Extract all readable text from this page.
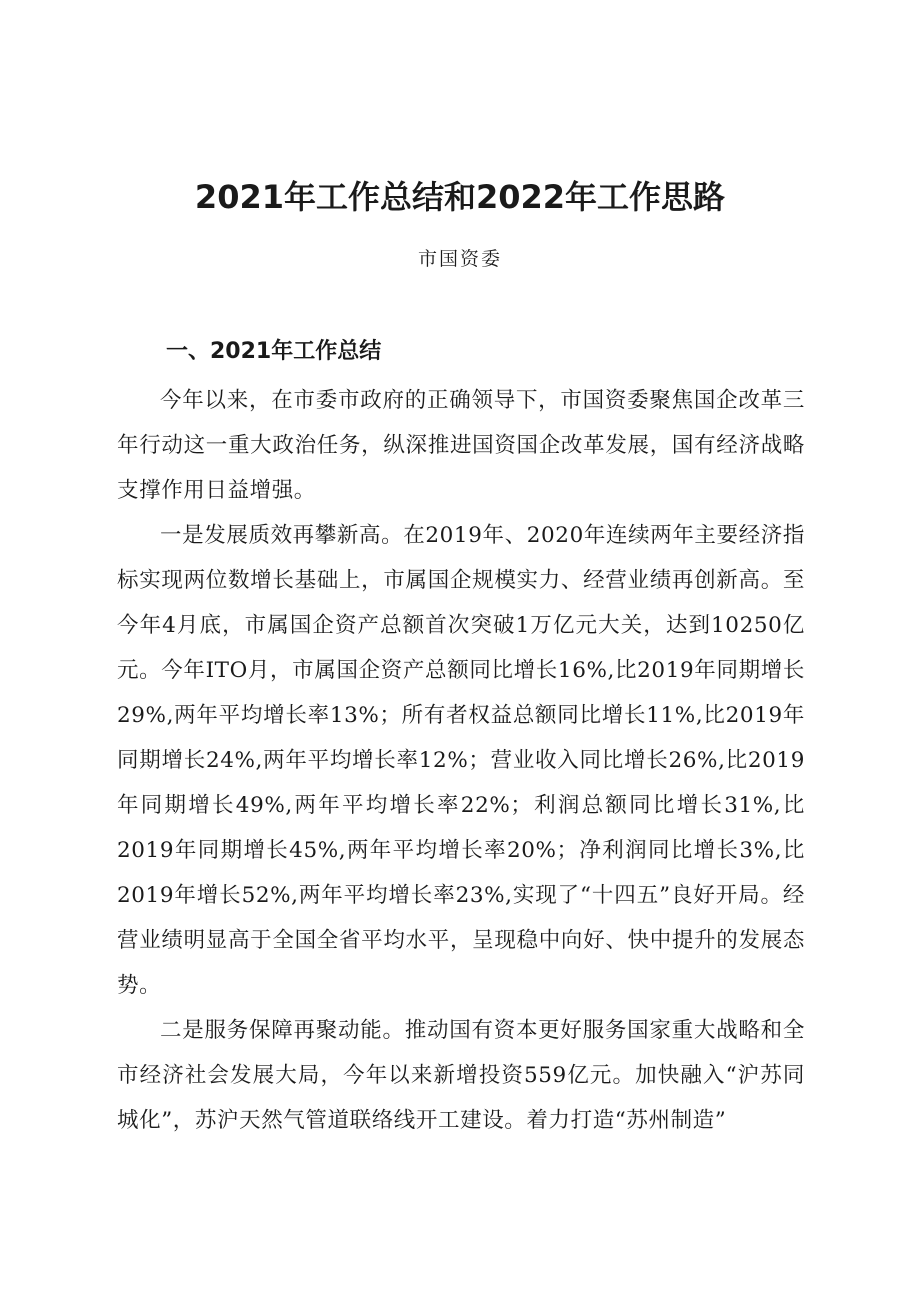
2021年工作总结和2022年工作思路
市国资委
一、2021年工作总结

今年以来，在市委市政府的正确领导下，市国资委聚焦国企改革三年行动这一重大政治任务，纵深推进国资国企改革发展，国有经济战略支撑作用日益增强。

一是发展质效再攀新高。在2019年、2020年连续两年主要经济指标实现两位数增长基础上，市属国企规模实力、经营业绩再创新高。至今年4月底，市属国企资产总额首次突破1万亿元大关，达到10250亿元。今年ITO月，市属国企资产总额同比增长16%,比2019年同期增长29%,两年平均增长率13%；所有者权益总额同比增长11%,比2019年同期增长24%,两年平均增长率12%；营业收入同比增长26%,比2019年同期增长49%,两年平均增长率22%；利润总额同比增长31%,比2019年同期增长45%,两年平均增长率20%；净利润同比增长3%,比2019年增长52%,两年平均增长率23%,实现了“十四五”良好开局。经营业绩明显高于全国全省平均水平，呈现稳中向好、快中提升的发展态势。

二是服务保障再聚动能。推动国有资本更好服务国家重大战略和全市经济社会发展大局，今年以来新增投资559亿元。加快融入“沪苏同城化”，苏沪天然气管道联络线开工建设。着力打造“苏州制造”
